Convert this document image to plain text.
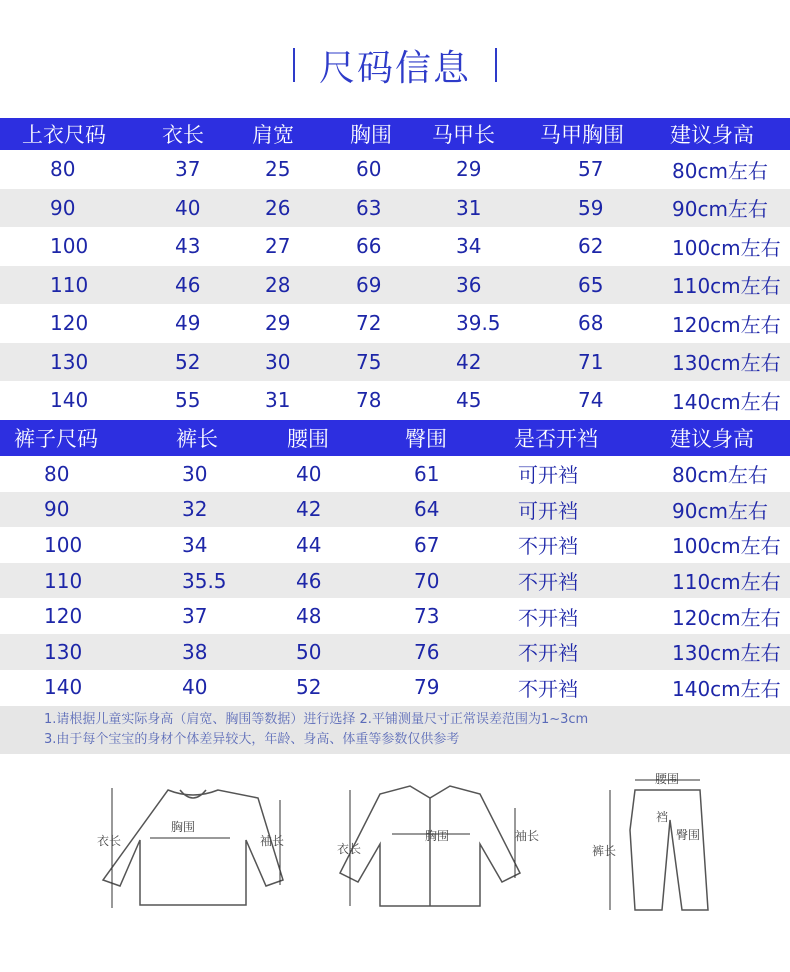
尺码信息
上衣尺码	衣长 肩宽	胸围 马甲长 马甲胸围 建议身高
80	37	25	60	29	57	80cm左右
90	40	26	63	31	59	90cm左右
100	43	27	66	34	62	100cm左右
110	46	28	69	36	65	110cm左右
120	49	29	72	39.5	68	120cm左右
130	52	30	75	42	71	130cm左右
140	55	31	78	45	74	140cm左右
裤子尺码	裤长	腰围	臀围	是否开裆	建议身高
80	30	40	61	可开裆	80cm左右
90	32	42	64	可开裆	90cm左右
100	34	44	67	不开裆	100cm左右
110	35.5	46	70	不开裆	110cm左右
120	37	48	73	不开裆	120cm左右
130	38	50	76	不开裆	130cm左右
140	40	52	79	不开裆	140cm左右
1.请根据儿童实际身高（肩宽、胸围等数据）进行选择 2.平铺测量尺寸正常误差范围为1~3cm
3.由于每个宝宝的身材个体差异较大，年龄、身高、体重等参数仅供参考
衣长
胸围
袖长
衣长
胸围	袖长
腰围
裆
臀围
裤长
